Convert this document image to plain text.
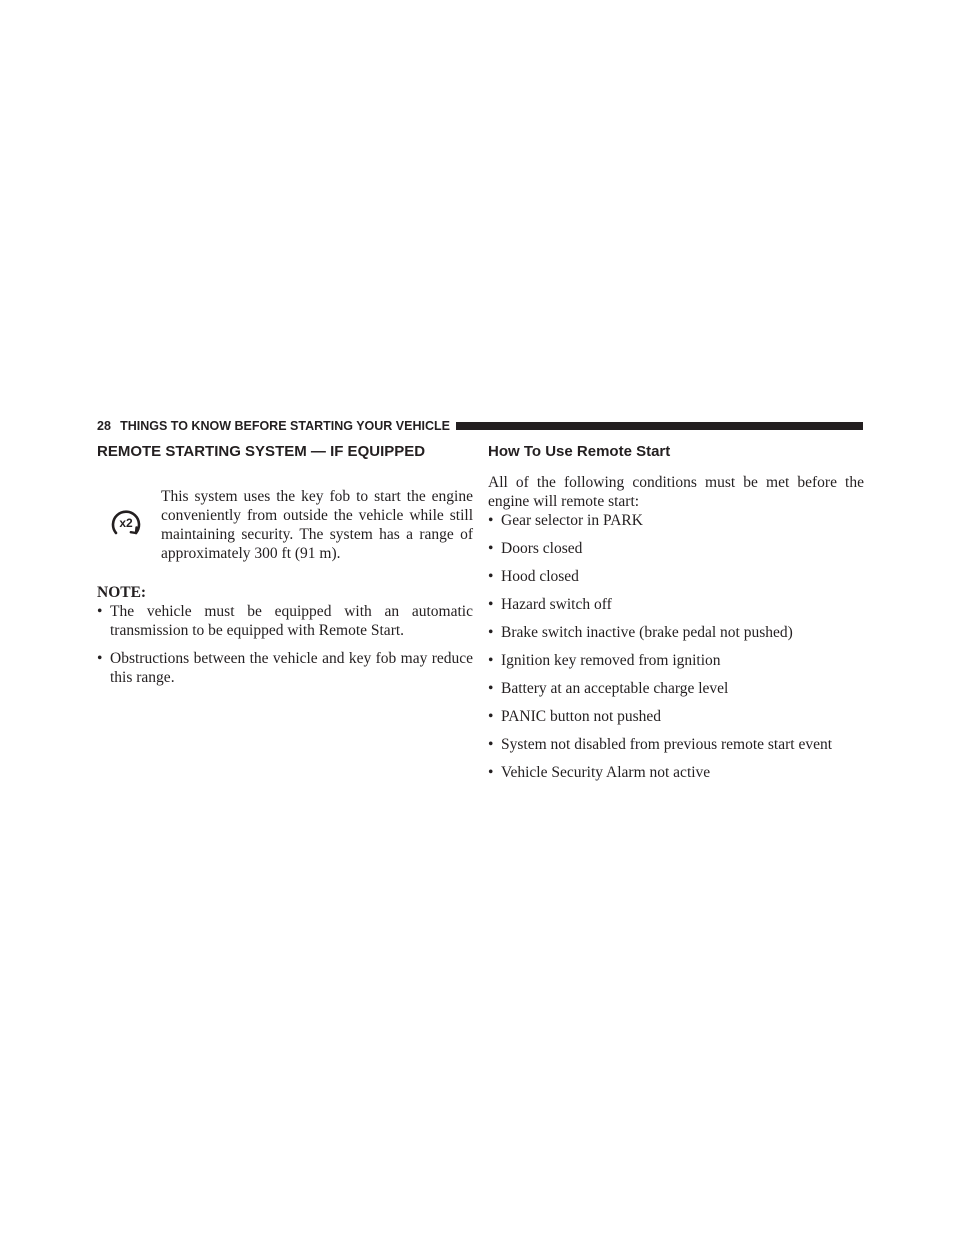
28 THINGS TO KNOW BEFORE STARTING YOUR VEHICLE
REMOTE STARTING SYSTEM — IF EQUIPPED
x2

This system uses the key fob to start the engine conveniently from outside the vehicle while still maintaining security. The system has a range of approximately 300 ft (91 m).

NOTE:
• The vehicle must be equipped with an automatic transmission to be equipped with Remote Start.
• Obstructions between the vehicle and key fob may reduce this range.
How To Use Remote Start

All of the following conditions must be met before the engine will remote start:

• Gear selector in PARK
• Doors closed
• Hood closed
• Hazard switch off
• Brake switch inactive (brake pedal not pushed)
• Ignition key removed from ignition
• Battery at an acceptable charge level
• PANIC button not pushed
• System not disabled from previous remote start event
• Vehicle Security Alarm not active
